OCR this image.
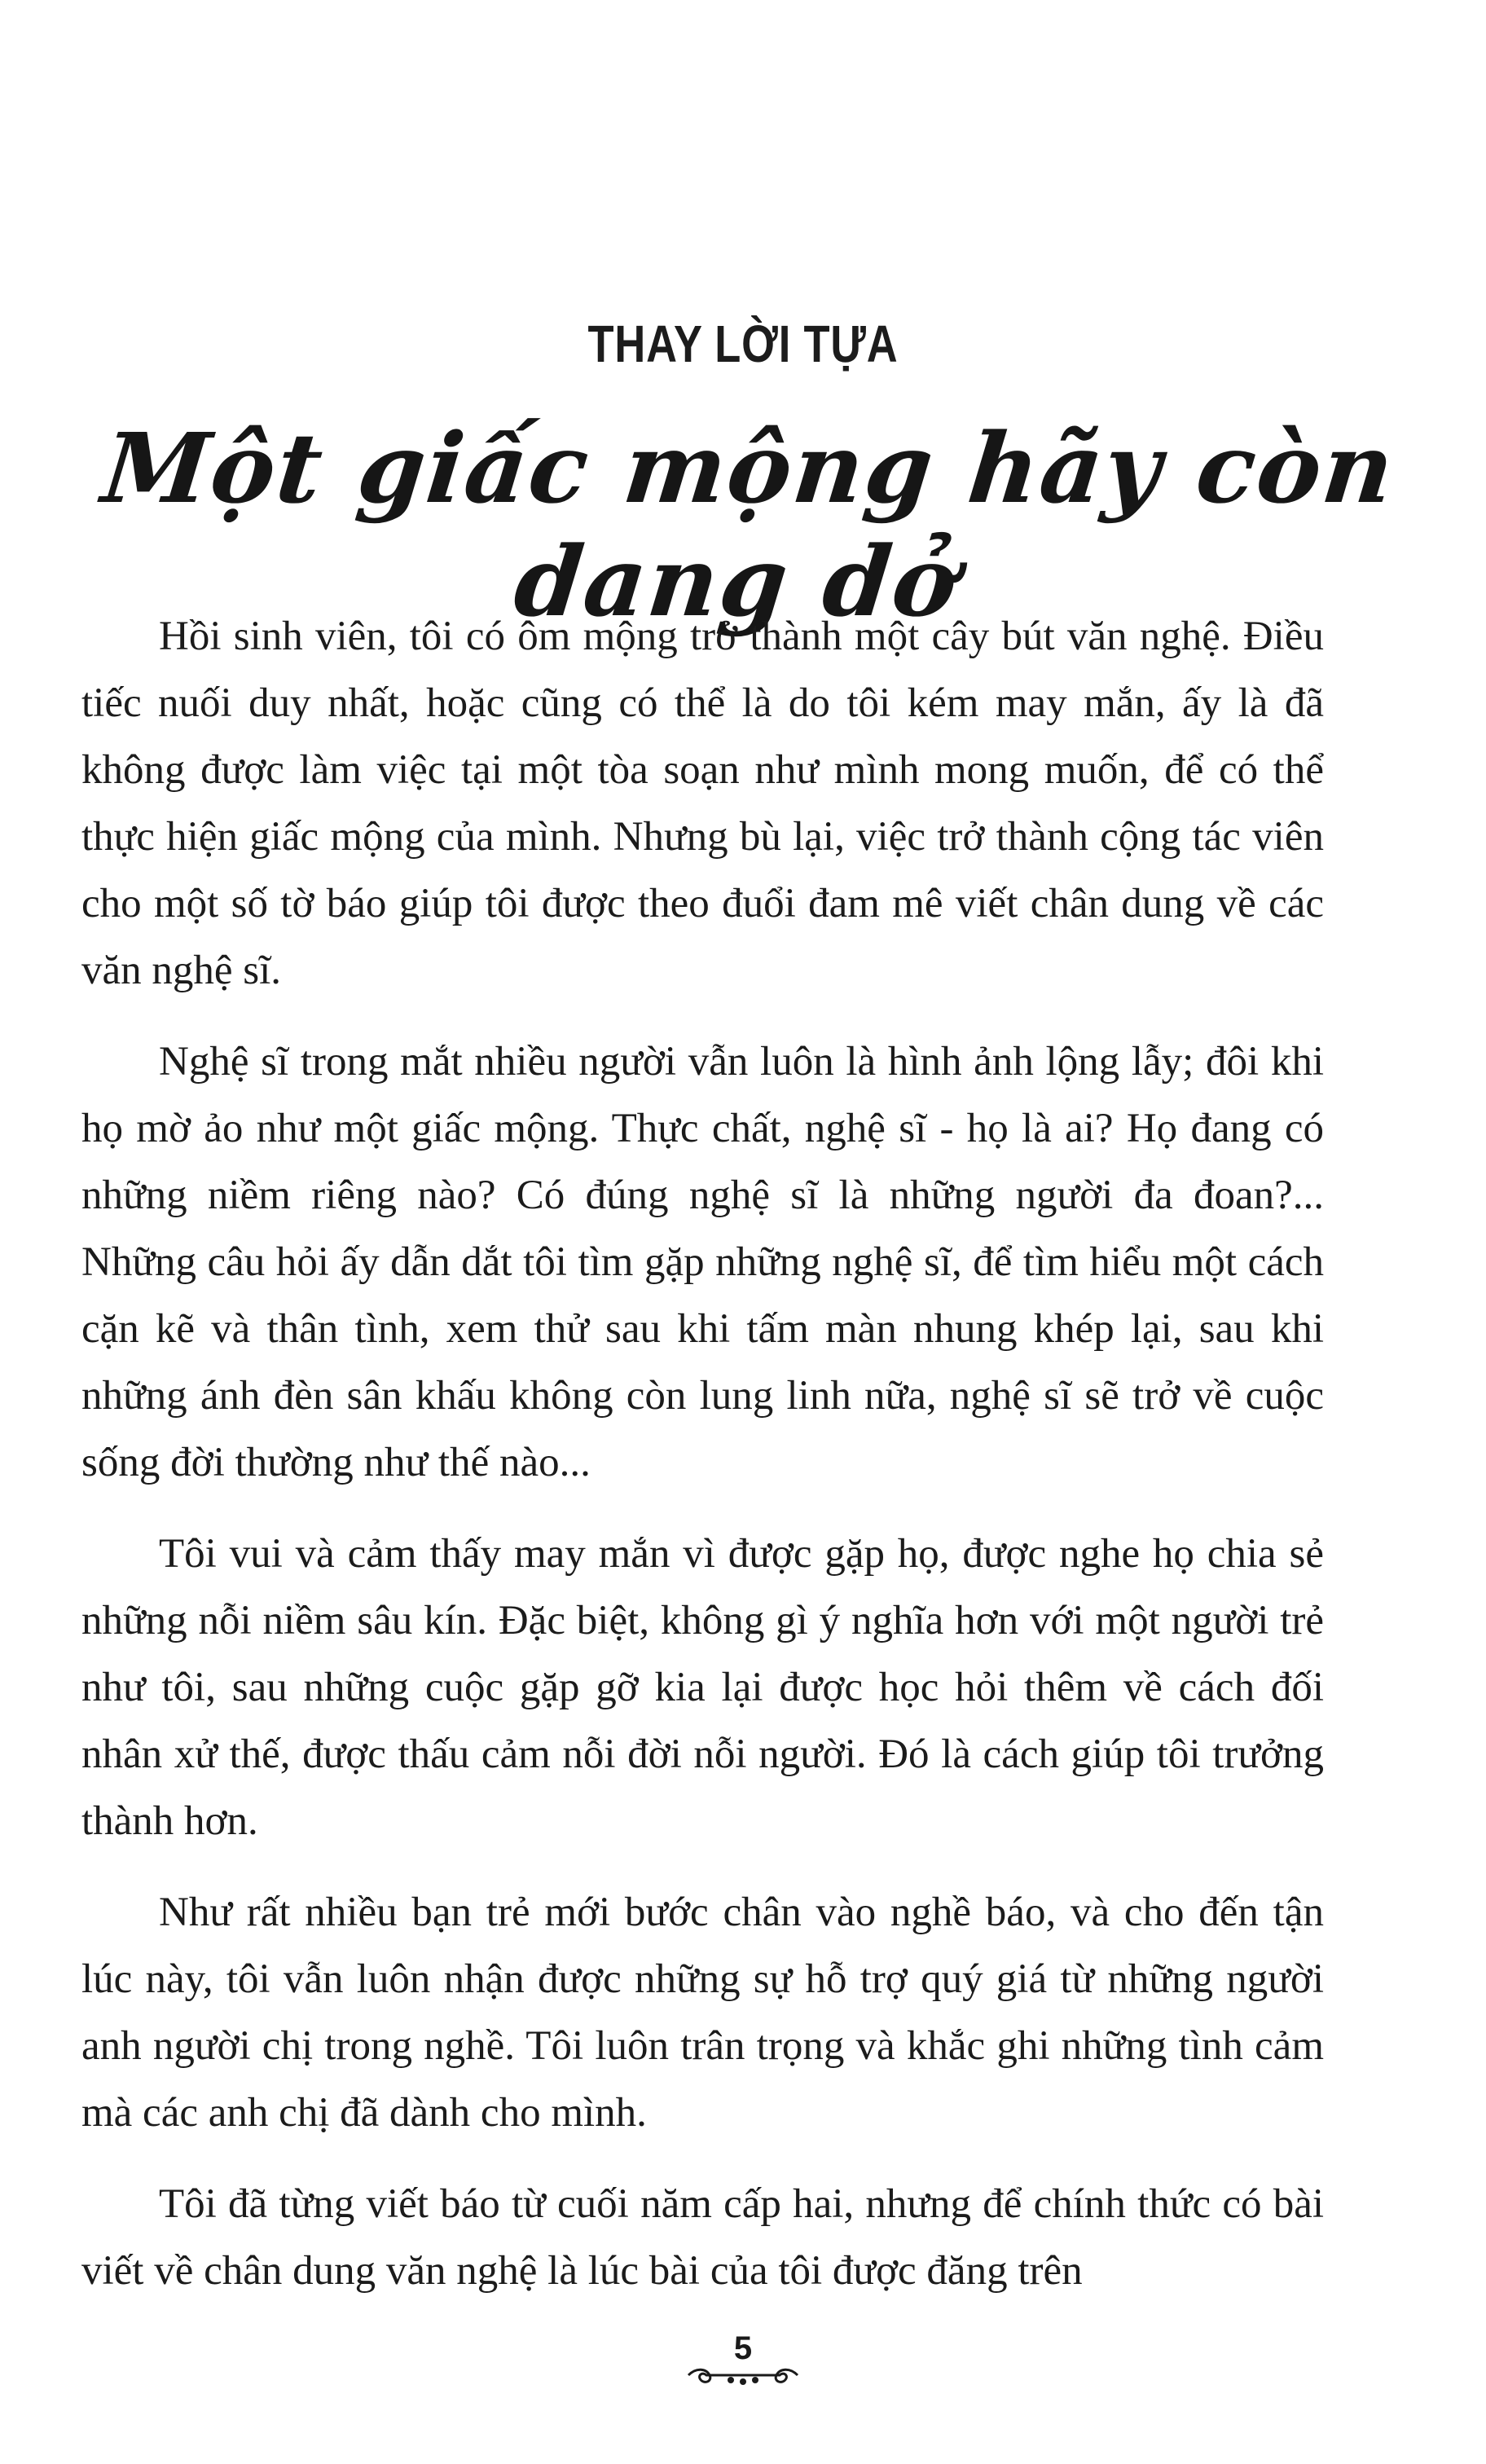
THAY LỜI TỰA
Một giấc mộng hãy còn dang dở

Hồi sinh viên, tôi có ôm mộng trở thành một cây bút văn nghệ. Điều tiếc nuối duy nhất, hoặc cũng có thể là do tôi kém may mắn, ấy là đã không được làm việc tại một tòa soạn như mình mong muốn, để có thể thực hiện giấc mộng của mình. Nhưng bù lại, việc trở thành cộng tác viên cho một số tờ báo giúp tôi được theo đuổi đam mê viết chân dung về các văn nghệ sĩ.

Nghệ sĩ trong mắt nhiều người vẫn luôn là hình ảnh lộng lẫy; đôi khi họ mờ ảo như một giấc mộng. Thực chất, nghệ sĩ - họ là ai? Họ đang có những niềm riêng nào? Có đúng nghệ sĩ là những người đa đoan?... Những câu hỏi ấy dẫn dắt tôi tìm gặp những nghệ sĩ, để tìm hiểu một cách cặn kẽ và thân tình, xem thử sau khi tấm màn nhung khép lại, sau khi những ánh đèn sân khấu không còn lung linh nữa, nghệ sĩ sẽ trở về cuộc sống đời thường như thế nào...

Tôi vui và cảm thấy may mắn vì được gặp họ, được nghe họ chia sẻ những nỗi niềm sâu kín. Đặc biệt, không gì ý nghĩa hơn với một người trẻ như tôi, sau những cuộc gặp gỡ kia lại được học hỏi thêm về cách đối nhân xử thế, được thấu cảm nỗi đời nỗi người. Đó là cách giúp tôi trưởng thành hơn.

Như rất nhiều bạn trẻ mới bước chân vào nghề báo, và cho đến tận lúc này, tôi vẫn luôn nhận được những sự hỗ trợ quý giá từ những người anh người chị trong nghề. Tôi luôn trân trọng và khắc ghi những tình cảm mà các anh chị đã dành cho mình.

Tôi đã từng viết báo từ cuối năm cấp hai, nhưng để chính thức có bài viết về chân dung văn nghệ là lúc bài của tôi được đăng trên

5
